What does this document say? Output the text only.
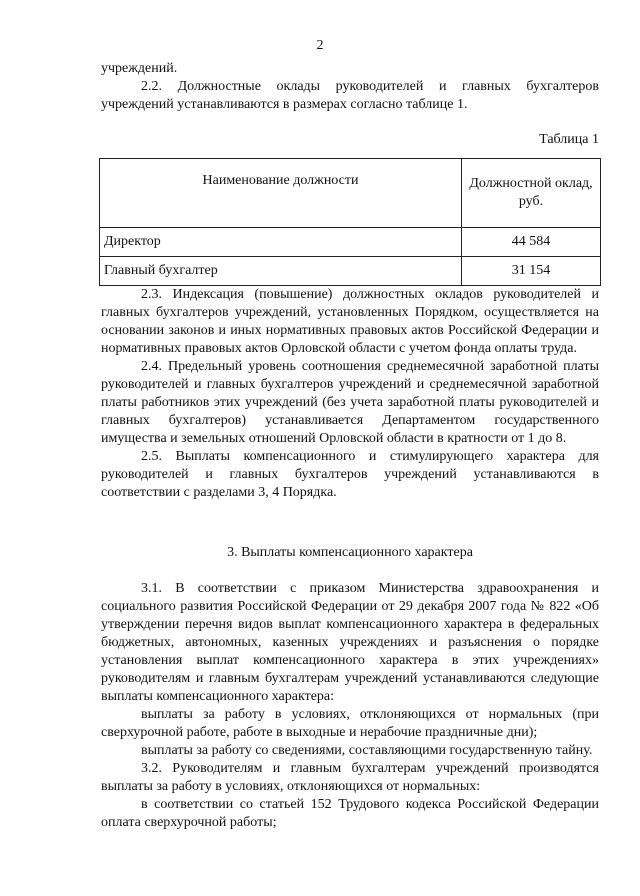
2

учреждений.

2.2. Должностные оклады руководителей и главных бухгалтеров учреждений устанавливаются в размерах согласно таблице 1.

Таблица 1
Наименование должности	Должностной оклад, руб.
Директор	44 584
Главный бухгалтер	31 154

2.3. Индексация (повышение) должностных окладов руководителей и главных бухгалтеров учреждений, установленных Порядком, осуществляется на основании законов и иных нормативных правовых актов Российской Федерации и нормативных правовых актов Орловской области с учетом фонда оплаты труда.

2.4. Предельный уровень соотношения среднемесячной заработной платы руководителей и главных бухгалтеров учреждений и среднемесячной заработной платы работников этих учреждений (без учета заработной платы руководителей и главных бухгалтеров) устанавливается Департаментом государственного имущества и земельных отношений Орловской области в кратности от 1 до 8.

2.5. Выплаты компенсационного и стимулирующего характера для руководителей и главных бухгалтеров учреждений устанавливаются в соответствии с разделами 3, 4 Порядка.

3. Выплаты компенсационного характера

3.1. В соответствии с приказом Министерства здравоохранения и социального развития Российской Федерации от 29 декабря 2007 года № 822 «Об утверждении перечня видов выплат компенсационного характера в федеральных бюджетных, автономных, казенных учреждениях и разъяснения о порядке установления выплат компенсационного характера в этих учреждениях» руководителям и главным бухгалтерам учреждений устанавливаются следующие выплаты компенсационного характера:

выплаты за работу в условиях, отклоняющихся от нормальных (при сверхурочной работе, работе в выходные и нерабочие праздничные дни);

выплаты за работу со сведениями, составляющими государственную тайну.

3.2. Руководителям и главным бухгалтерам учреждений производятся выплаты за работу в условиях, отклоняющихся от нормальных:

в соответствии со статьей 152 Трудового кодекса Российской Федерации оплата сверхурочной работы;
